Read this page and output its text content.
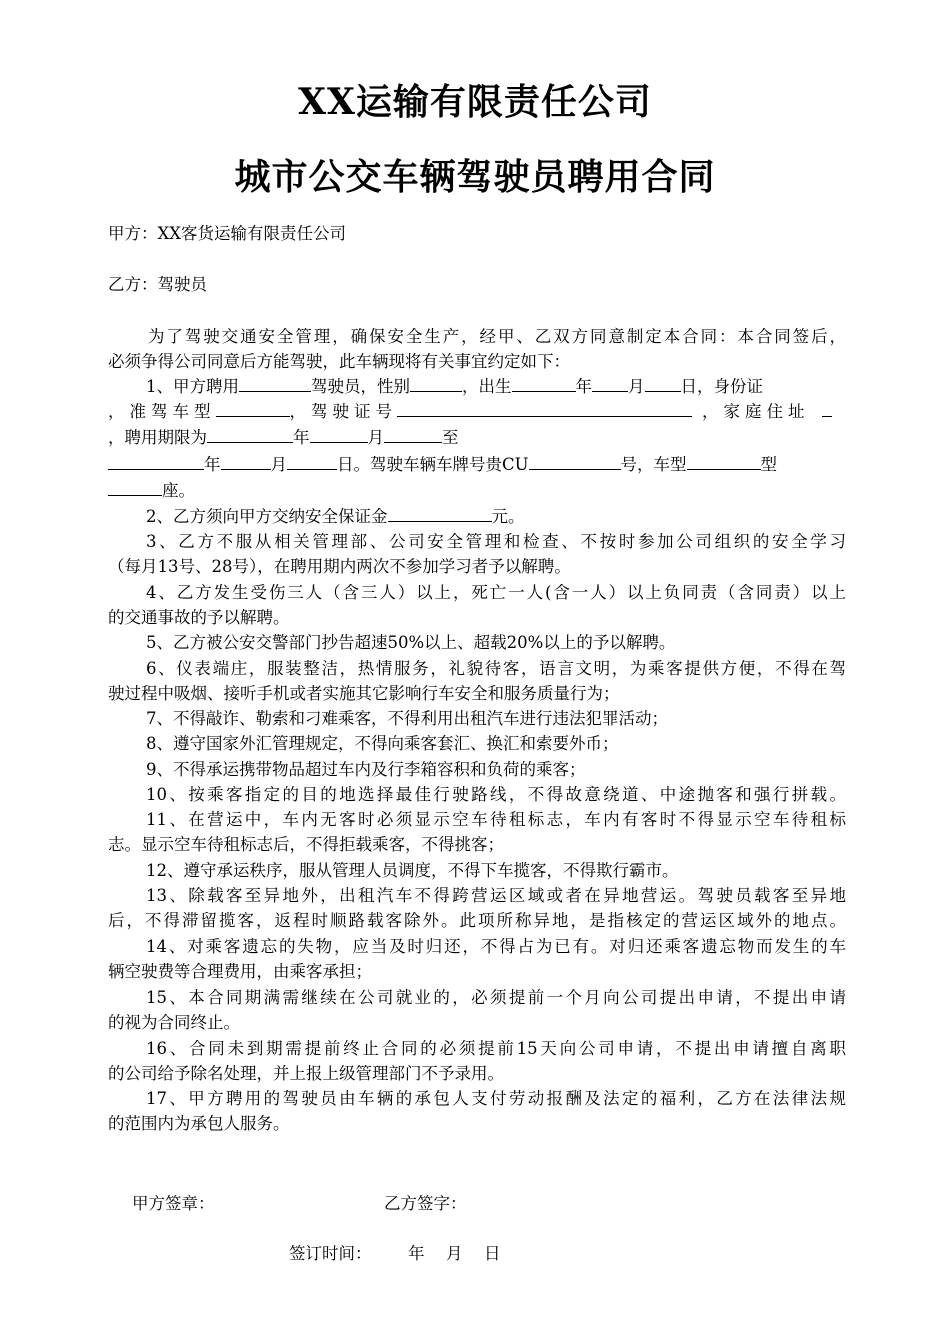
XX运输有限责任公司
城市公交车辆驾驶员聘用合同
甲方：XX客货运输有限责任公司
乙方：驾驶员
为了驾驶交通安全管理，确保安全生产，经甲、乙双方同意制定本合同：本合同签后，
必须争得公司同意后方能驾驶，此车辆现将有关事宜约定如下：
1、甲方聘用	驾驶员，性别	，出生	年 月 日，身份证
，准驾车型	，驾驶证号	，家庭住址
，聘用期限为	年	月	至
年	月	日。驾驶车辆车牌号贵CU	号，车型	型
座。
2、乙方须向甲方交纳安全保证金	元。
3、乙方不服从相关管理部、公司安全管理和检查、不按时参加公司组织的安全学习
（每月13号、28号），在聘用期内两次不参加学习者予以解聘。
4、乙方发生受伤三人（含三人）以上，死亡一人(含一人）以上负同责（含同责）以上
的交通事故的予以解聘。
5、乙方被公安交警部门抄告超速50%以上、超载20%以上的予以解聘。
6、仪表端庄，服装整洁，热情服务，礼貌待客，语言文明，为乘客提供方便，不得在驾
驶过程中吸烟、接听手机或者实施其它影响行车安全和服务质量行为；
7、不得敲诈、勒索和刁难乘客，不得利用出租汽车进行违法犯罪活动；
8、遵守国家外汇管理规定，不得向乘客套汇、换汇和索要外币；
9、不得承运携带物品超过车内及行李箱容积和负荷的乘客；
10、按乘客指定的目的地选择最佳行驶路线，不得故意绕道、中途抛客和强行拼载。
11、在营运中，车内无客时必须显示空车待租标志，车内有客时不得显示空车待租标
志。显示空车待租标志后，不得拒载乘客，不得挑客；
12、遵守承运秩序，服从管理人员调度，不得下车揽客，不得欺行霸市。
13、除载客至异地外，出租汽车不得跨营运区域或者在异地营运。驾驶员载客至异地
后，不得滞留揽客，返程时顺路载客除外。此项所称异地，是指核定的营运区域外的地点。
14、对乘客遗忘的失物，应当及时归还，不得占为已有。对归还乘客遗忘物而发生的车
辆空驶费等合理费用，由乘客承担；
15、本合同期满需继续在公司就业的，必须提前一个月向公司提出申请，不提出申请
的视为合同终止。
16、合同未到期需提前终止合同的必须提前15天向公司申请，不提出申请擅自离职
的公司给予除名处理，并上报上级管理部门不予录用。
17、甲方聘用的驾驶员由车辆的承包人支付劳动报酬及法定的福利，乙方在法律法规
的范围内为承包人服务。
甲方签章：	乙方签字：
签订时间： 年 月 日
